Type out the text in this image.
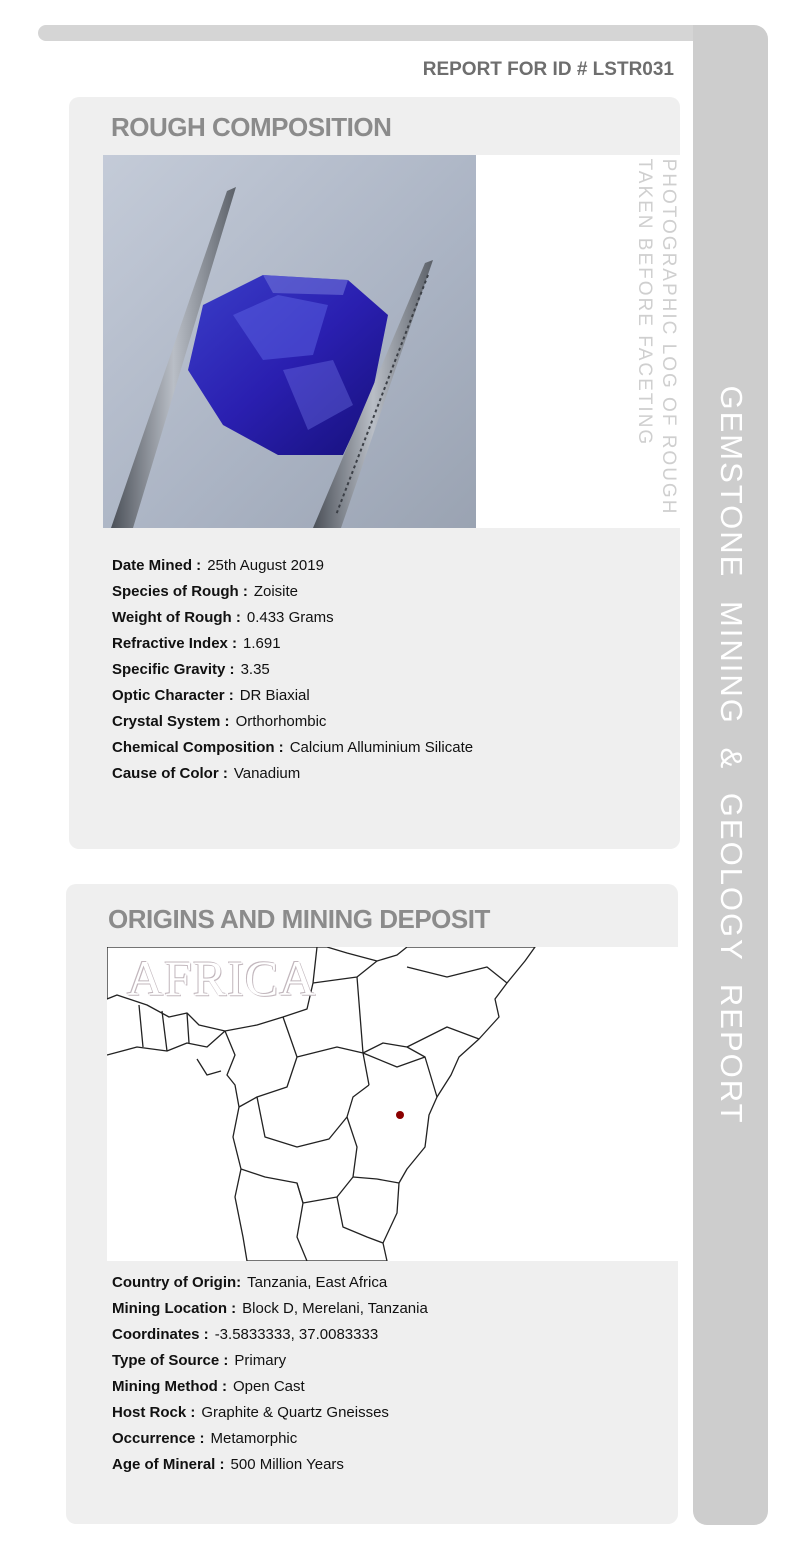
GEMSTONE MINING & GEOLOGY REPORT
REPORT FOR ID # LSTR031
ROUGH COMPOSITION
PHOTOGRAPHIC LOG OF ROUGH
TAKEN BEFORE FACETING
Date Mined : 25th August 2019
Species of Rough : Zoisite
Weight of Rough : 0.433 Grams
Refractive Index : 1.691
Specific Gravity : 3.35
Optic Character : DR Biaxial
Crystal System : Orthorhombic
Chemical Composition : Calcium Alluminium Silicate
Cause of Color : Vanadium
ORIGINS AND MINING DEPOSIT
AFRICA
Country of Origin: Tanzania, East Africa
Mining Location : Block D, Merelani, Tanzania
Coordinates : -3.5833333, 37.0083333
Type of Source : Primary
Mining Method : Open Cast
Host Rock : Graphite & Quartz Gneisses
Occurrence : Metamorphic
Age of Mineral : 500 Million Years
